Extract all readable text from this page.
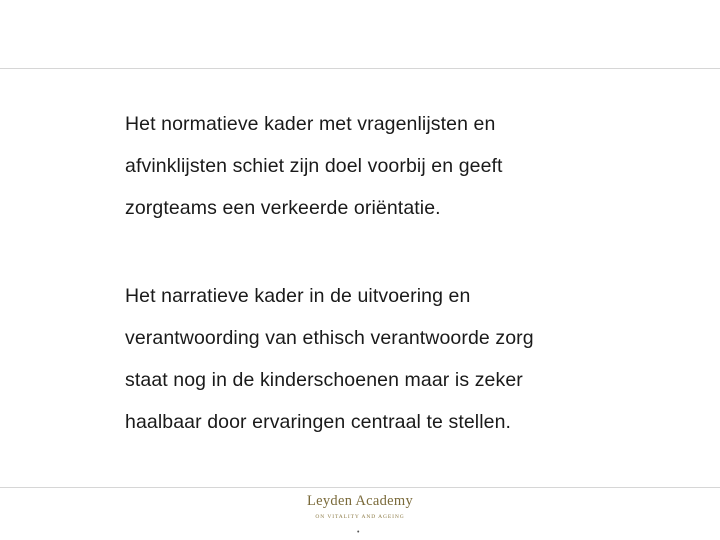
Het normatieve kader met vragenlijsten en
afvinklijsten schiet zijn doel voorbij en geeft
zorgteams een verkeerde oriëntatie.
Het narratieve kader in de uitvoering en
verantwoording van ethisch verantwoorde zorg
staat nog in de kinderschoenen maar is zeker
haalbaar door ervaringen centraal te stellen.
Leyden Academy
ON VITALITY AND AGEING
•
